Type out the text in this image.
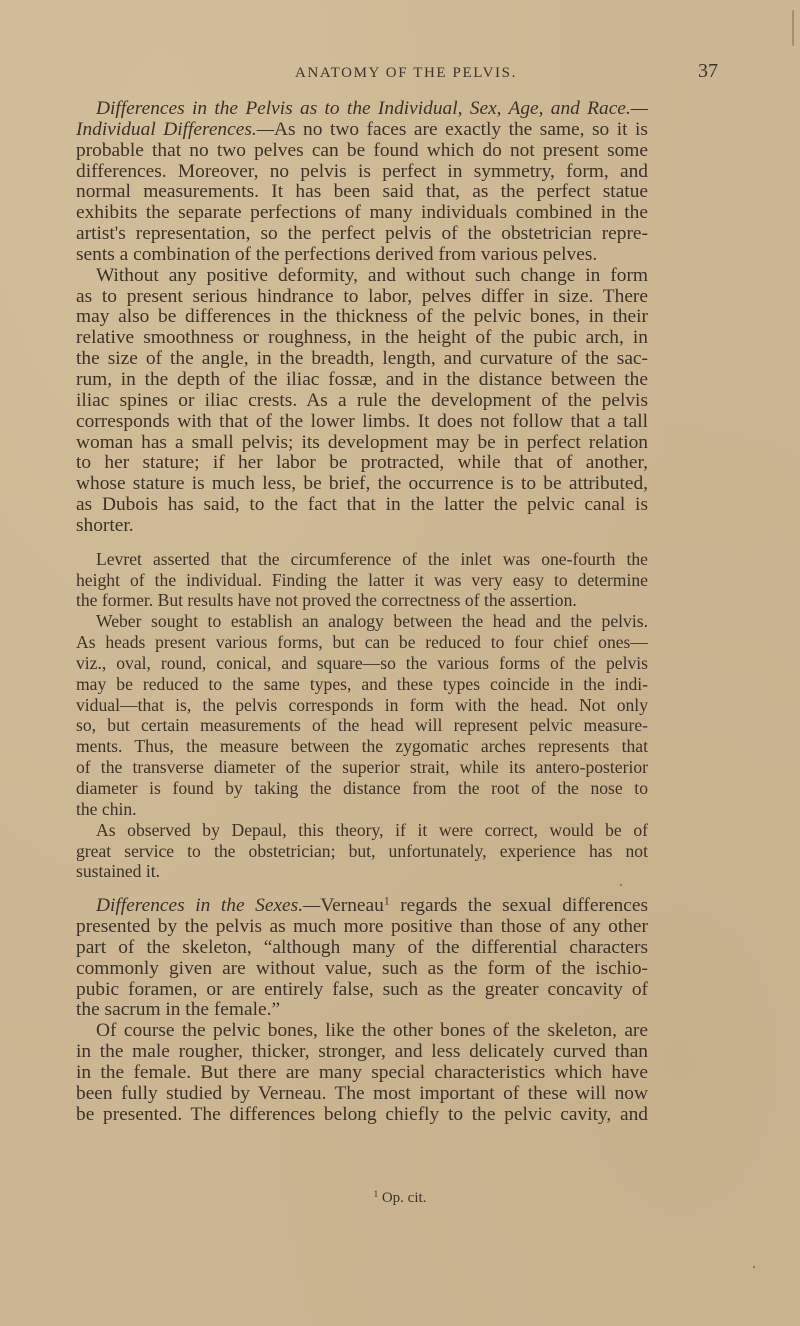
ANATOMY OF THE PELVIS.	37
Differences in the Pelvis as to the Individual, Sex, Age, and Race.—
Individual Differences.—As no two faces are exactly the same, so it is
probable that no two pelves can be found which do not present some
differences. Moreover, no pelvis is perfect in symmetry, form, and
normal measurements. It has been said that, as the perfect statue
exhibits the separate perfections of many individuals combined in the
artist's representation, so the perfect pelvis of the obstetrician repre-
sents a combination of the perfections derived from various pelves.
Without any positive deformity, and without such change in form
as to present serious hindrance to labor, pelves differ in size. There
may also be differences in the thickness of the pelvic bones, in their
relative smoothness or roughness, in the height of the pubic arch, in
the size of the angle, in the breadth, length, and curvature of the sac-
rum, in the depth of the iliac fossæ, and in the distance between the
iliac spines or iliac crests. As a rule the development of the pelvis
corresponds with that of the lower limbs. It does not follow that a tall
woman has a small pelvis; its development may be in perfect relation
to her stature; if her labor be protracted, while that of another,
whose stature is much less, be brief, the occurrence is to be attributed,
as Dubois has said, to the fact that in the latter the pelvic canal is
shorter.
Levret asserted that the circumference of the inlet was one-fourth the
height of the individual. Finding the latter it was very easy to determine
the former. But results have not proved the correctness of the assertion.
Weber sought to establish an analogy between the head and the pelvis.
As heads present various forms, but can be reduced to four chief ones—
viz., oval, round, conical, and square—so the various forms of the pelvis
may be reduced to the same types, and these types coincide in the indi-
vidual—that is, the pelvis corresponds in form with the head. Not only
so, but certain measurements of the head will represent pelvic measure-
ments. Thus, the measure between the zygomatic arches represents that
of the transverse diameter of the superior strait, while its antero-posterior
diameter is found by taking the distance from the root of the nose to
the chin.
As observed by Depaul, this theory, if it were correct, would be of
great service to the obstetrician; but, unfortunately, experience has not
sustained it.
Differences in the Sexes.—Verneau$^1$ regards the sexual differences
presented by the pelvis as much more positive than those of any other
part of the skeleton, “although many of the differential characters
commonly given are without value, such as the form of the ischio-
pubic foramen, or are entirely false, such as the greater concavity of
the sacrum in the female.”
Of course the pelvic bones, like the other bones of the skeleton, are
in the male rougher, thicker, stronger, and less delicately curved than
in the female. But there are many special characteristics which have
been fully studied by Verneau. The most important of these will now
be presented. The differences belong chiefly to the pelvic cavity, and
$^1$ Op. cit.
